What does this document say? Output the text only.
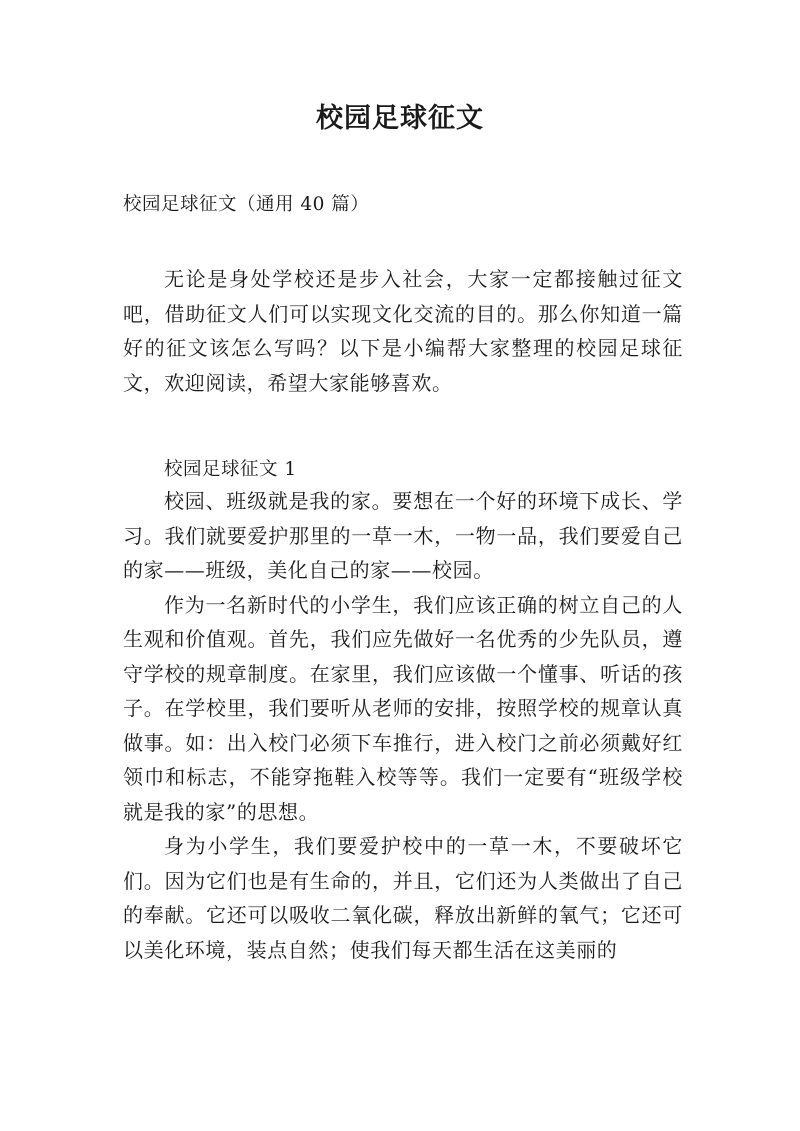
校园足球征文
校园足球征文（通用 40 篇）

无论是身处学校还是步入社会，大家一定都接触过征文吧，借助征文人们可以实现文化交流的目的。那么你知道一篇好的征文该怎么写吗？以下是小编帮大家整理的校园足球征文，欢迎阅读，希望大家能够喜欢。

校园足球征文 1

校园、班级就是我的家。要想在一个好的环境下成长、学习。我们就要爱护那里的一草一木，一物一品，我们要爱自己的家——班级，美化自己的家——校园。

作为一名新时代的小学生，我们应该正确的树立自己的人生观和价值观。首先，我们应先做好一名优秀的少先队员，遵守学校的规章制度。在家里，我们应该做一个懂事、听话的孩子。在学校里，我们要听从老师的安排，按照学校的规章认真做事。如：出入校门必须下车推行，进入校门之前必须戴好红领巾和标志，不能穿拖鞋入校等等。我们一定要有“班级学校就是我的家”的思想。

身为小学生，我们要爱护校中的一草一木，不要破坏它们。因为它们也是有生命的，并且，它们还为人类做出了自己的奉献。它还可以吸收二氧化碳，释放出新鲜的氧气；它还可以美化环境，装点自然；使我们每天都生活在这美丽的
